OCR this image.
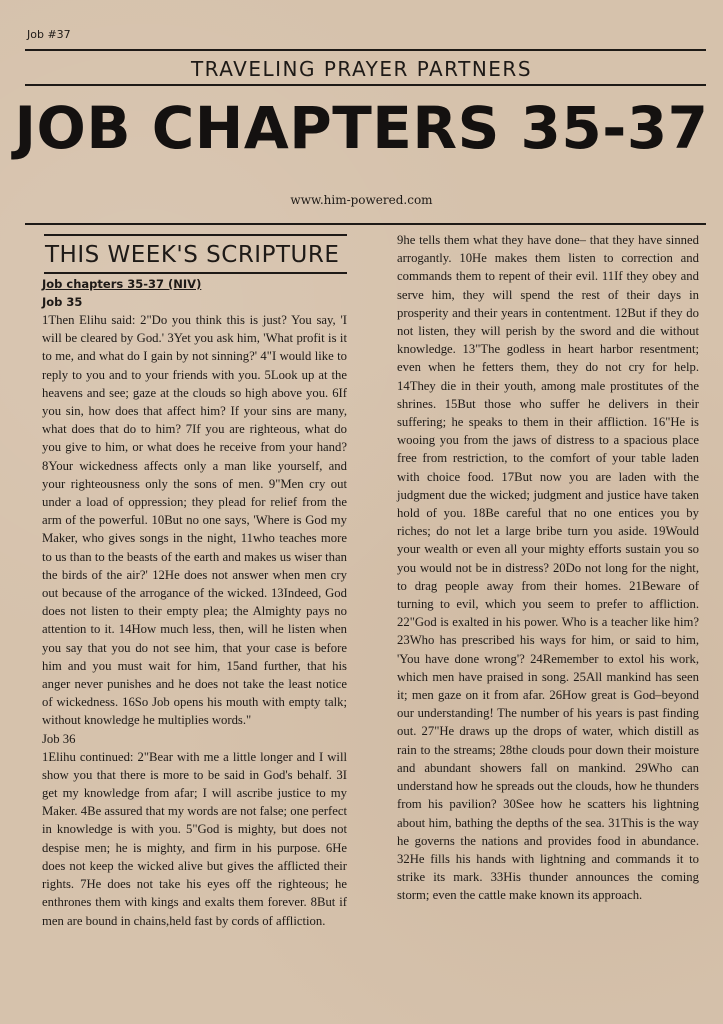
Job #37
TRAVELING PRAYER PARTNERS
JOB CHAPTERS 35-37
www.him-powered.com
THIS WEEK'S SCRIPTURE
Job chapters 35-37 (NIV)
Job 35

1Then Elihu said: 2"Do you think this is just? You say, 'I will be cleared by God.' 3Yet you ask him, 'What profit is it to me, and what do I gain by not sinning?' 4"I would like to reply to you and to your friends with you. 5Look up at the heavens and see; gaze at the clouds so high above you. 6If you sin, how does that affect him? If your sins are many, what does that do to him? 7If you are righteous, what do you give to him, or what does he receive from your hand? 8Your wickedness affects only a man like yourself, and your righteousness only the sons of men. 9"Men cry out under a load of oppression; they plead for relief from the arm of the powerful. 10But no one says, 'Where is God my Maker, who gives songs in the night, 11who teaches more to us than to the beasts of the earth and makes us wiser than the birds of the air?' 12He does not answer when men cry out because of the arrogance of the wicked. 13Indeed, God does not listen to their empty plea; the Almighty pays no attention to it. 14How much less, then, will he listen when you say that you do not see him, that your case is before him and you must wait for him, 15and further, that his anger never punishes and he does not take the least notice of wickedness. 16So Job opens his mouth with empty talk; without knowledge he multiplies words."

Job 36

1Elihu continued: 2"Bear with me a little longer and I will show you that there is more to be said in God's behalf. 3I get my knowledge from afar; I will ascribe justice to my Maker. 4Be assured that my words are not false; one perfect in knowledge is with you. 5"God is mighty, but does not despise men; he is mighty, and firm in his purpose. 6He does not keep the wicked alive but gives the afflicted their rights. 7He does not take his eyes off the righteous; he enthrones them with kings and exalts them forever. 8But if men are bound in chains,held fast by cords of affliction.

9he tells them what they have done– that they have sinned arrogantly. 10He makes them listen to correction and commands them to repent of their evil. 11If they obey and serve him, they will spend the rest of their days in prosperity and their years in contentment. 12But if they do not listen, they will perish by the sword and die without knowledge. 13"The godless in heart harbor resentment; even when he fetters them, they do not cry for help. 14They die in their youth, among male prostitutes of the shrines. 15But those who suffer he delivers in their suffering; he speaks to them in their affliction. 16"He is wooing you from the jaws of distress to a spacious place free from restriction, to the comfort of your table laden with choice food. 17But now you are laden with the judgment due the wicked; judgment and justice have taken hold of you. 18Be careful that no one entices you by riches; do not let a large bribe turn you aside. 19Would your wealth or even all your mighty efforts sustain you so you would not be in distress? 20Do not long for the night, to drag people away from their homes. 21Beware of turning to evil, which you seem to prefer to affliction. 22"God is exalted in his power. Who is a teacher like him? 23Who has prescribed his ways for him, or said to him, 'You have done wrong'? 24Remember to extol his work, which men have praised in song. 25All mankind has seen it; men gaze on it from afar. 26How great is God–beyond our understanding! The number of his years is past finding out. 27"He draws up the drops of water, which distill as rain to the streams; 28the clouds pour down their moisture and abundant showers fall on mankind. 29Who can understand how he spreads out the clouds, how he thunders from his pavilion? 30See how he scatters his lightning about him, bathing the depths of the sea. 31This is the way he governs the nations and provides food in abundance. 32He fills his hands with lightning and commands it to strike its mark. 33His thunder announces the coming storm; even the cattle make known its approach.
